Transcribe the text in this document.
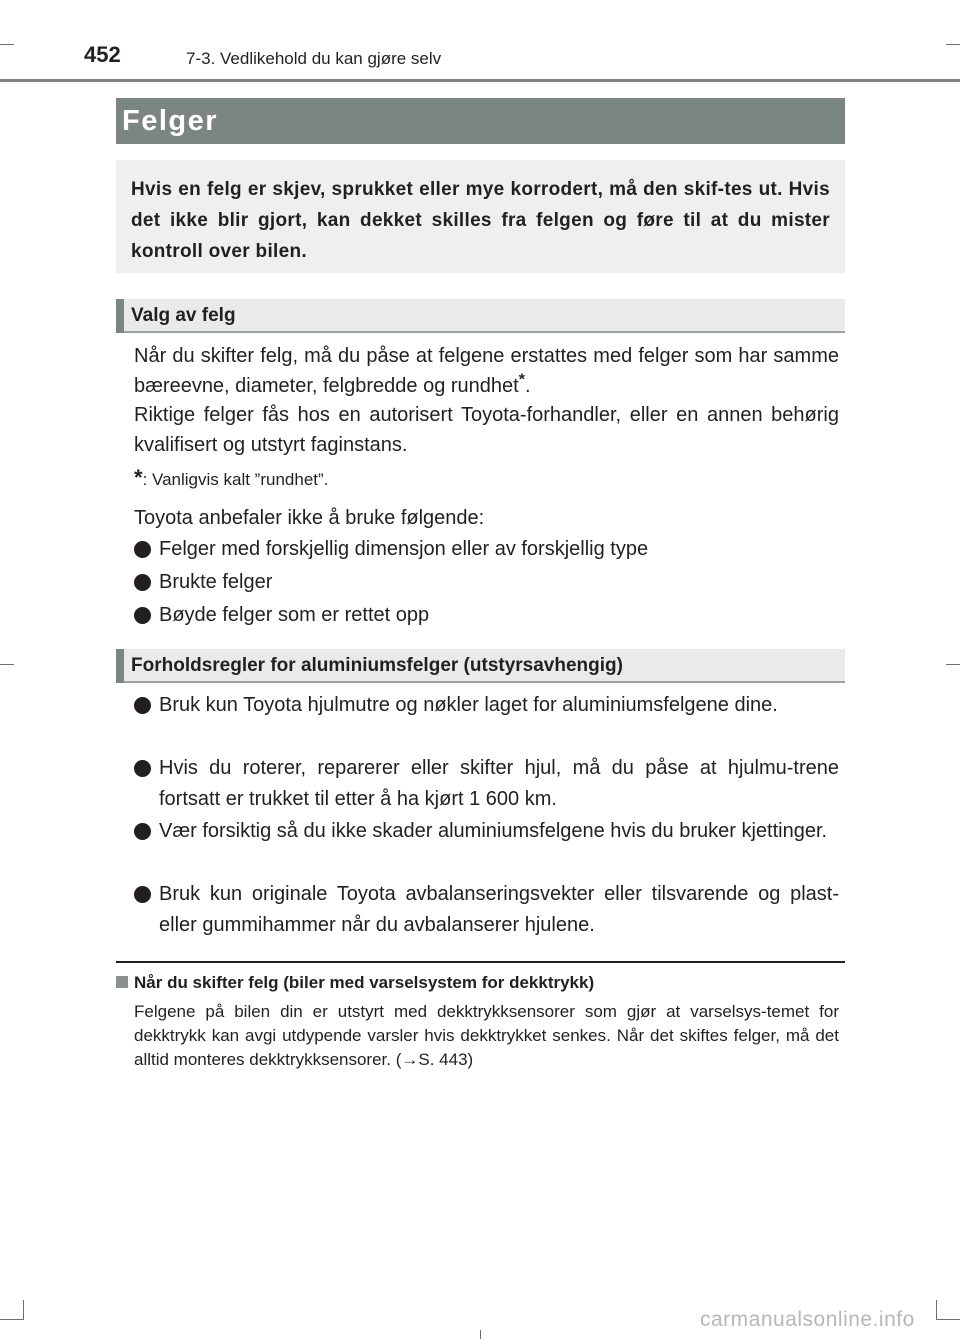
452	7-3. Vedlikehold du kan gjøre selv
Felger
Hvis en felg er skjev, sprukket eller mye korrodert, må den skif-tes ut. Hvis det ikke blir gjort, kan dekket skilles fra felgen og føre til at du mister kontroll over bilen.
Valg av felg
Når du skifter felg, må du påse at felgene erstattes med felger som har samme bæreevne, diameter, felgbredde og rundhet*.
Riktige felger fås hos en autorisert Toyota-forhandler, eller en annen behørig kvalifisert og utstyrt faginstans.
*: Vanligvis kalt ”rundhet”.
Toyota anbefaler ikke å bruke følgende:
Felger med forskjellig dimensjon eller av forskjellig type
Brukte felger
Bøyde felger som er rettet opp
Forholdsregler for aluminiumsfelger (utstyrsavhengig)
Bruk kun Toyota hjulmutre og nøkler laget for aluminiumsfelgene dine.
Hvis du roterer, reparerer eller skifter hjul, må du påse at hjulmu-trene fortsatt er trukket til etter å ha kjørt 1 600 km.
Vær forsiktig så du ikke skader aluminiumsfelgene hvis du bruker kjettinger.
Bruk kun originale Toyota avbalanseringsvekter eller tilsvarende og plast- eller gummihammer når du avbalanserer hjulene.
Når du skifter felg (biler med varselsystem for dekktrykk)
Felgene på bilen din er utstyrt med dekktrykksensorer som gjør at varselsys-temet for dekktrykk kan avgi utdypende varsler hvis dekktrykket senkes. Når det skiftes felger, må det alltid monteres dekktrykksensorer. (→S. 443)
carmanualsonline.info
